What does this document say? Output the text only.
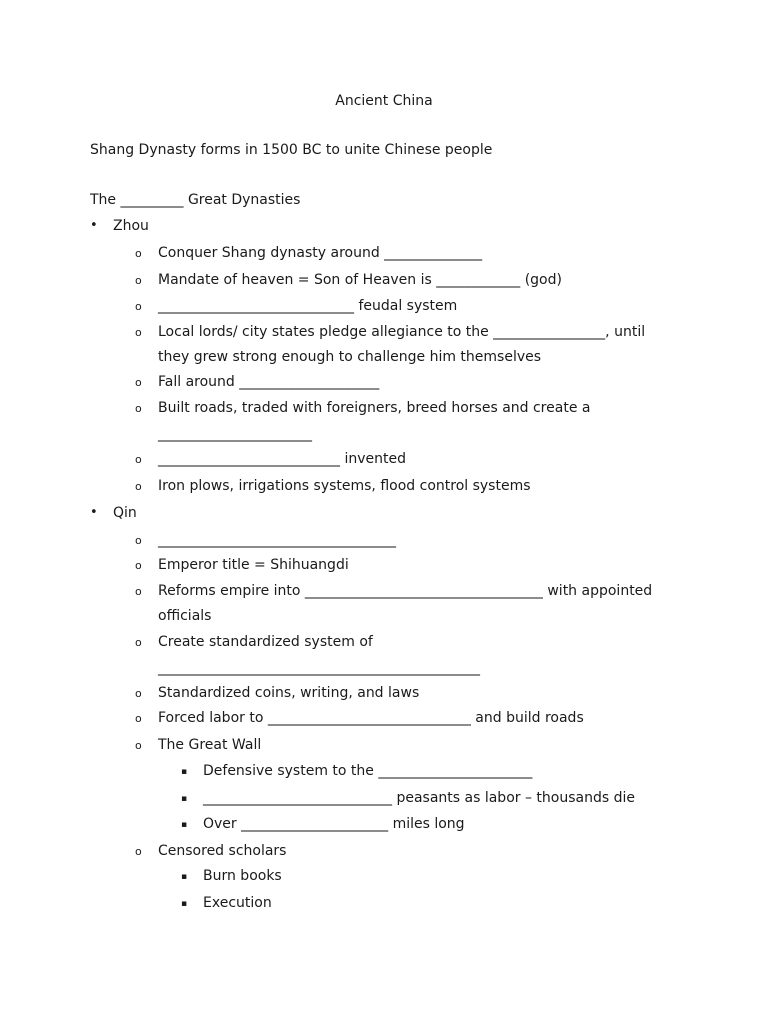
Ancient China
Shang Dynasty forms in 1500 BC to unite Chinese people
The _________ Great Dynasties
• Zhou
o Conquer Shang dynasty around ______________
o Mandate of heaven = Son of Heaven is ____________ (god)
o ____________________________ feudal system
o Local lords/ city states pledge allegiance to the ________________, until
they grew strong enough to challenge him themselves
o Fall around ____________________
o Built roads, traded with foreigners, breed horses and create a
______________________
o __________________________ invented
o Iron plows, irrigations systems, flood control systems
• Qin
o __________________________________
o Emperor title = Shihuangdi
o Reforms empire into __________________________________ with appointed
officials
o Create standardized system of
______________________________________________
o Standardized coins, writing, and laws
o Forced labor to _____________________________ and build roads
o The Great Wall
▪ Defensive system to the ______________________
▪ ___________________________ peasants as labor – thousands die
▪ Over _____________________ miles long
o Censored scholars
▪ Burn books
▪ Execution
